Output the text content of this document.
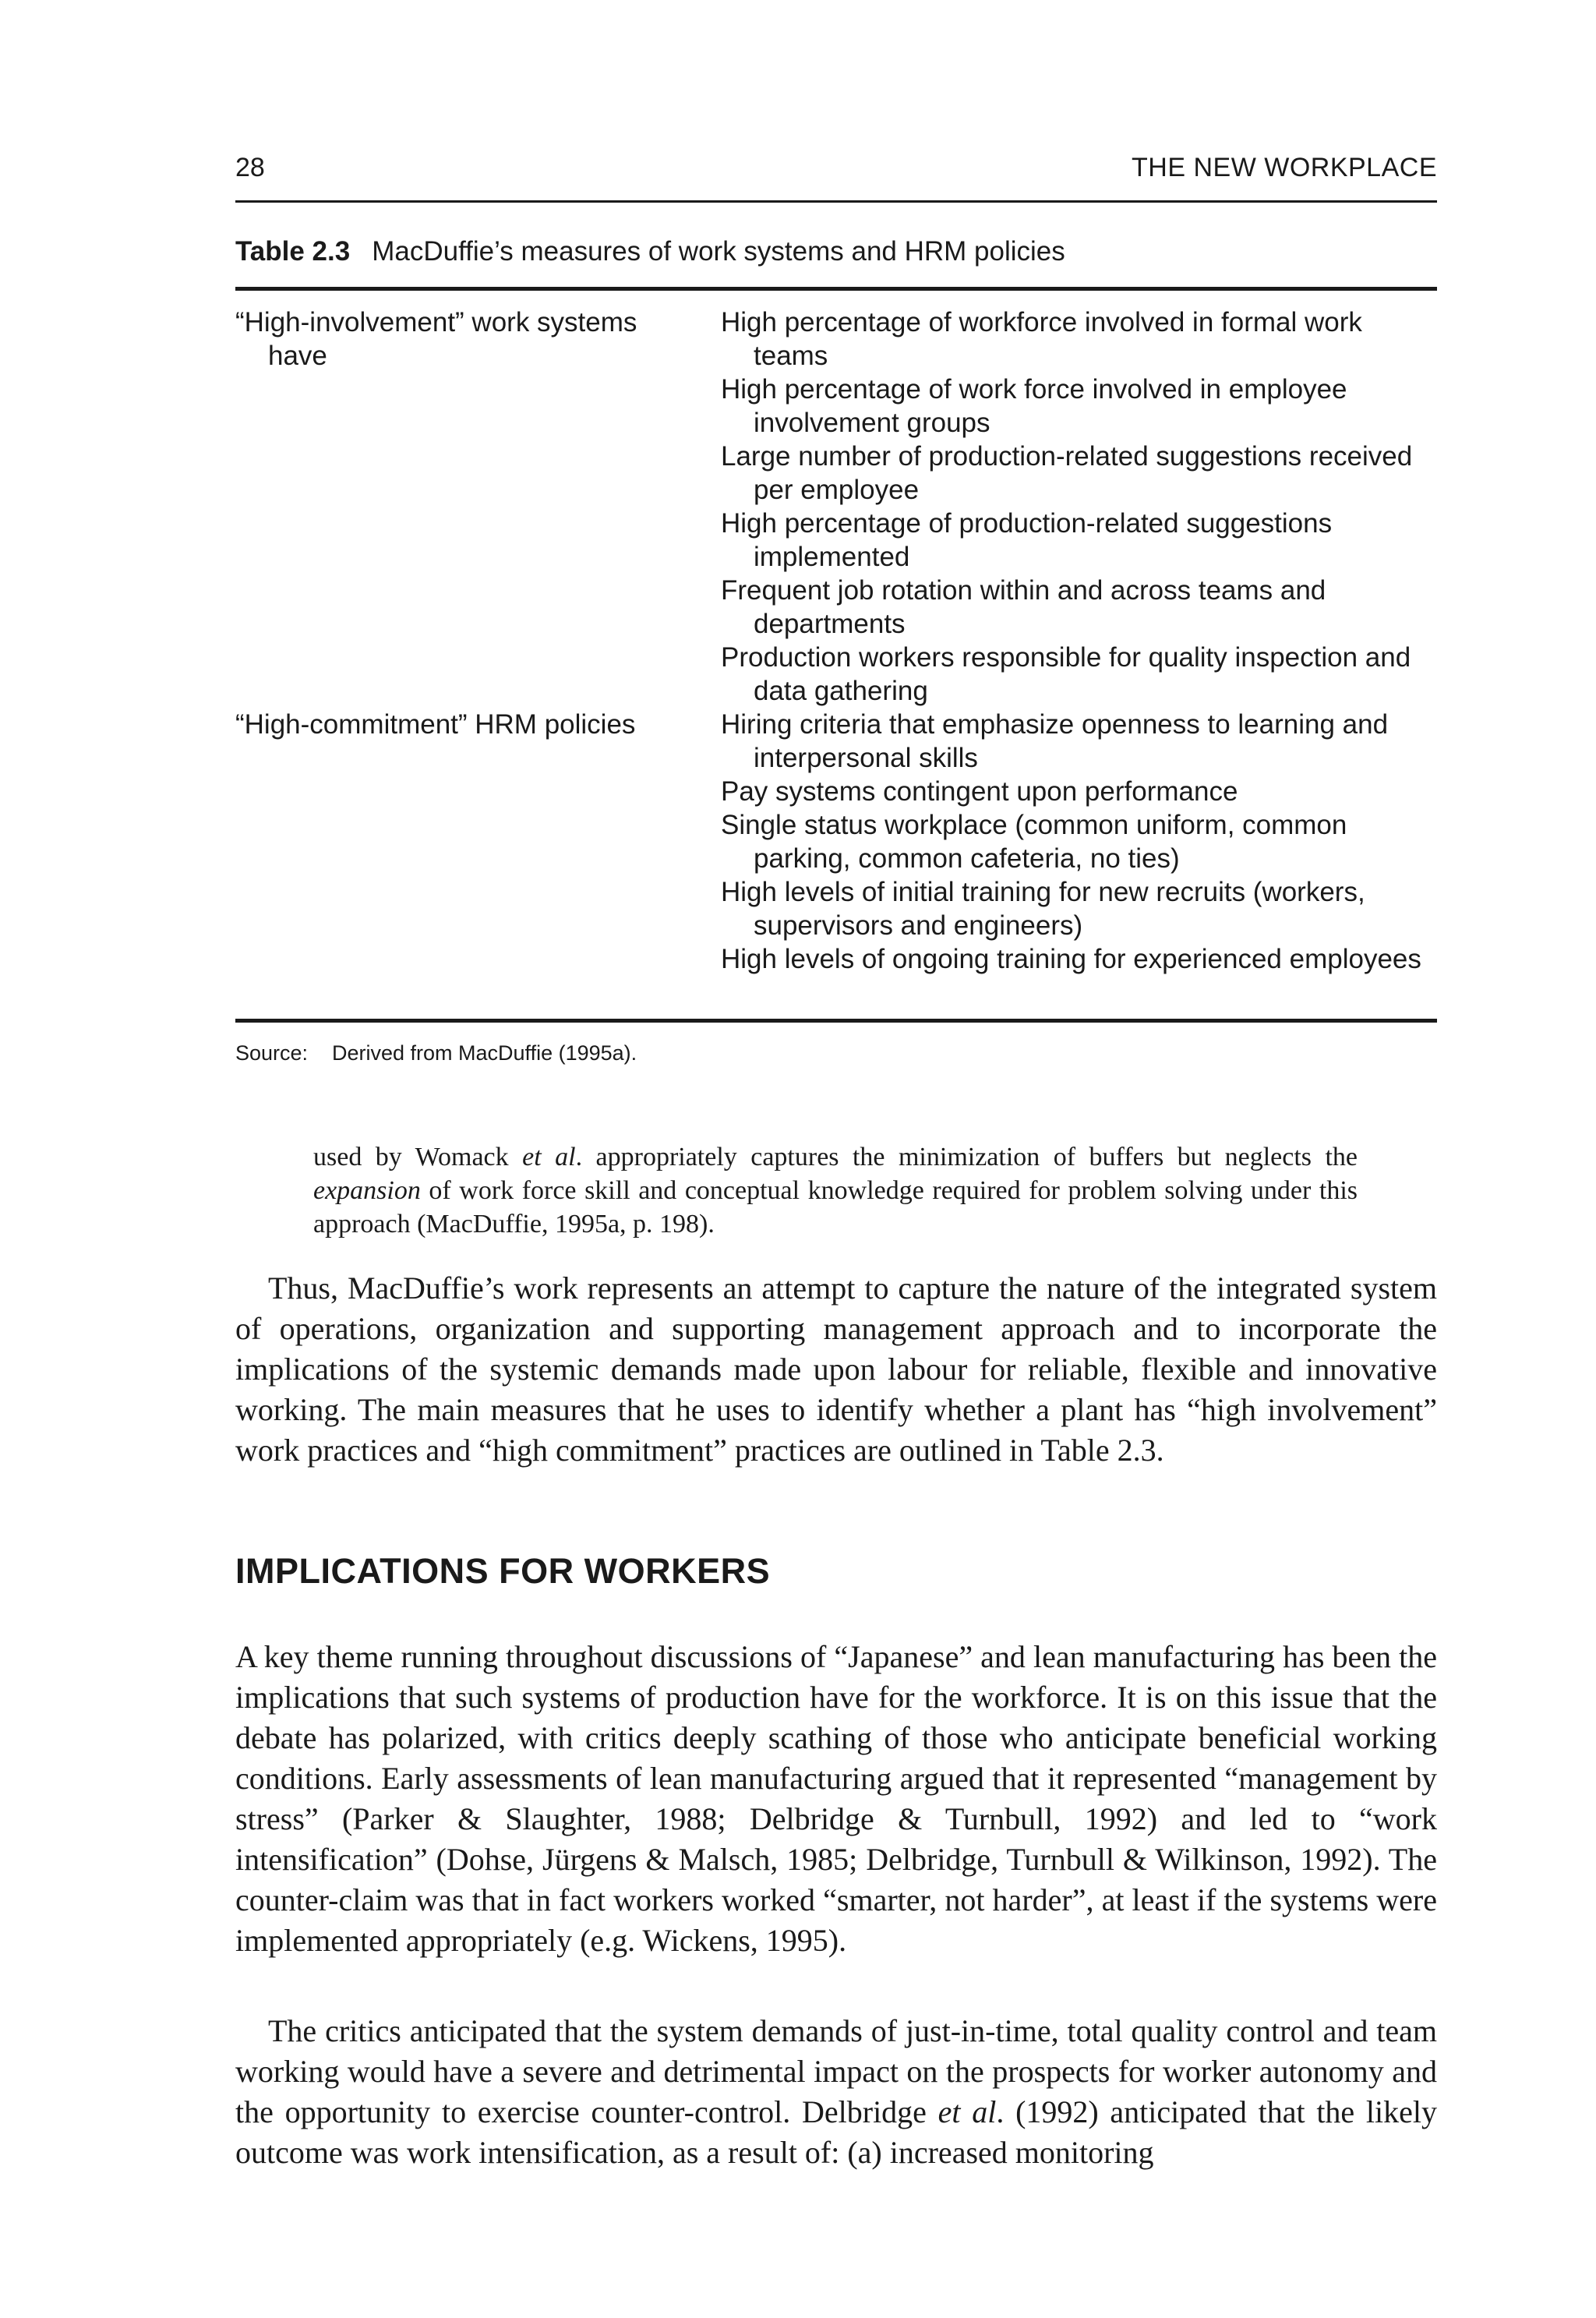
28	THE NEW WORKPLACE
Table 2.3 MacDuffie’s measures of work systems and HRM policies
“High-involvement” work systems have
High percentage of workforce involved in formal work teams
High percentage of work force involved in employee involvement groups
Large number of production-related suggestions received per employee
High percentage of production-related suggestions implemented
Frequent job rotation within and across teams and departments
Production workers responsible for quality inspection and data gathering
“High-commitment” HRM policies	Hiring criteria that emphasize openness to learning and interpersonal skills
Pay systems contingent upon performance
Single status workplace (common uniform, common parking, common cafeteria, no ties)
High levels of initial training for new recruits (workers, supervisors and engineers)
High levels of ongoing training for experienced employees
Source: Derived from MacDuffie (1995a).

used by Womack et al. appropriately captures the minimization of buffers but neglects the expansion of work force skill and conceptual knowledge required for problem solving under this approach (MacDuffie, 1995a, p. 198).

Thus, MacDuffie’s work represents an attempt to capture the nature of the integrated system of operations, organization and supporting management approach and to incorporate the implications of the systemic demands made upon labour for reliable, flexible and innovative working. The main measures that he uses to identify whether a plant has “high involvement” work practices and “high commitment” practices are outlined in Table 2.3.

IMPLICATIONS FOR WORKERS

A key theme running throughout discussions of “Japanese” and lean manufacturing has been the implications that such systems of production have for the workforce. It is on this issue that the debate has polarized, with critics deeply scathing of those who anticipate beneficial working conditions. Early assessments of lean manufacturing argued that it represented “management by stress” (Parker & Slaughter, 1988; Delbridge & Turnbull, 1992) and led to “work intensification” (Dohse, Jürgens & Malsch, 1985; Delbridge, Turnbull & Wilkinson, 1992). The counter-claim was that in fact workers worked “smarter, not harder”, at least if the systems were implemented appropriately (e.g. Wickens, 1995).

The critics anticipated that the system demands of just-in-time, total quality control and team working would have a severe and detrimental impact on the prospects for worker autonomy and the opportunity to exercise counter-control. Delbridge et al. (1992) anticipated that the likely outcome was work intensification, as a result of: (a) increased monitoring
